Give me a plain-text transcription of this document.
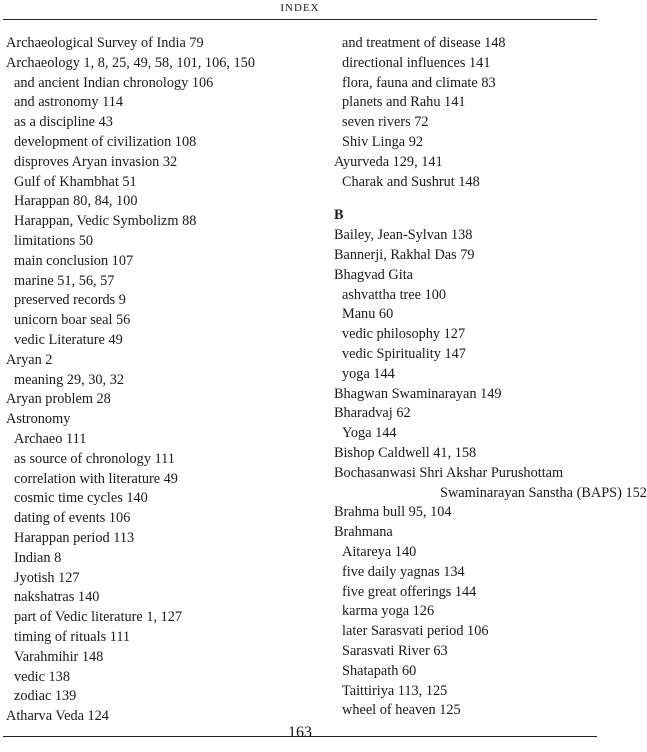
INDEX
Archaeological Survey of India 79
Archaeology 1, 8, 25, 49, 58, 101, 106, 150
and ancient Indian chronology 106
and astronomy 114
as a discipline 43
development of civilization 108
disproves Aryan invasion 32
Gulf of Khambhat 51
Harappan 80, 84, 100
Harappan, Vedic Symbolizm 88
limitations 50
main conclusion 107
marine 51, 56, 57
preserved records 9
unicorn boar seal 56
vedic Literature 49
Aryan 2
meaning 29, 30, 32
Aryan problem 28
Astronomy
Archaeo 111
as source of chronology 111
correlation with literature 49
cosmic time cycles 140
dating of events 106
Harappan period 113
Indian 8
Jyotish 127
nakshatras 140
part of Vedic literature 1, 127
timing of rituals 111
Varahmihir 148
vedic 138
zodiac 139
Atharva Veda 124
and treatment of disease 148
directional influences 141
flora, fauna and climate 83
planets and Rahu 141
seven rivers 72
Shiv Linga 92
Ayurveda 129, 141
Charak and Sushrut 148
B
Bailey, Jean-Sylvan 138
Bannerji, Rakhal Das 79
Bhagvad Gita
ashvattha tree 100
Manu 60
vedic philosophy 127
vedic Spirituality 147
yoga 144
Bhagwan Swaminarayan 149
Bharadvaj 62
Yoga 144
Bishop Caldwell 41, 158
Bochasanwasi Shri Akshar Purushottam
Swaminarayan Sanstha (BAPS) 152
Brahma bull 95, 104
Brahmana
Aitareya 140
five daily yagnas 134
five great offerings 144
karma yoga 126
later Sarasvati period 106
Sarasvati River 63
Shatapath 60
Taittiriya 113, 125
wheel of heaven 125
163
